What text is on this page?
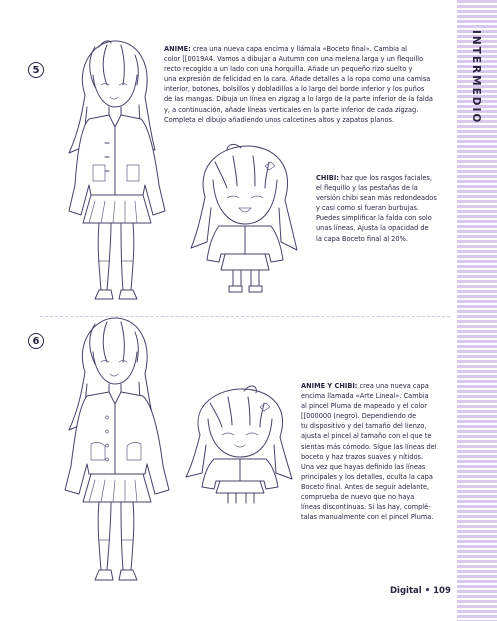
INTERMEDIO
5
ANIME: crea una nueva capa encima y llámala «Boceto final». Cambia al
color [[0019A4. Vamos a dibujar a Autumn con una melena larga y un flequillo
recto recogido a un lado con una horquilla. Añade un pequeño rizo suelto y
una expresión de felicidad en la cara. Añade detalles a la ropa como una camisa
interior, botones, bolsillos y dobladillos a lo largo del borde inferior y los puños
de las mangas. Dibuja un línea en zigzag a lo largo de la parte inferior de la falda
y, a continuación, añade líneas verticales en la parte inferior de cada zigzag.
Completa el dibujo añadiendo unos calcetines altos y zapatos planos.
CHIBI: haz que los rasgos faciales,
el flequillo y las pestañas de la
versión chibi sean más redondeados
y casi como si fueran burbujas.
Puedes simplificar la falda con solo
unas líneas. Ajusta la opacidad de
la capa Boceto final al 20%.
6
ANIME Y CHIBI: crea una nueva capa
encima llamada «Arte Lineal». Cambia
al pincel Pluma de mapeado y el color
[[000000 (negro). Dependiendo de
tu dispositivo y del tamaño del lienzo,
ajusta el pincel al tamaño con el que te
sientas más cómodo. Sigue las líneas del
boceto y haz trazos suaves y nítidos.
Una vez que hayas definido las líneas
principales y los detalles, oculta la capa
Boceto final. Antes de seguir adelante,
comprueba de nuevo que no haya
líneas discontinuas. Si las hay, complé-
talas manualmente con el pincel Pluma.
Digital • 109
